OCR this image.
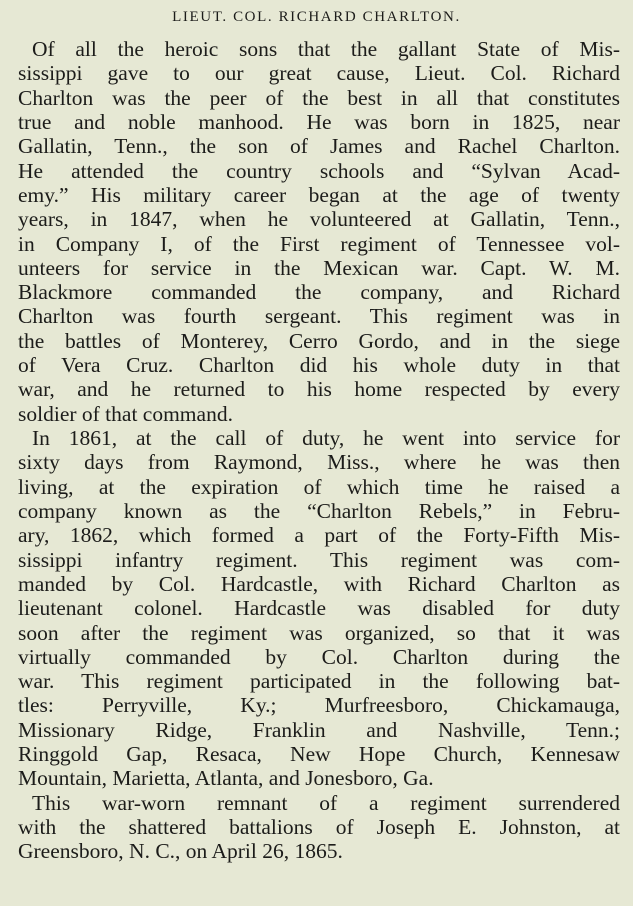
LIEUT. COL. RICHARD CHARLTON.
Of all the heroic sons that the gallant State of Mis-
sissippi gave to our great cause, Lieut. Col. Richard
Charlton was the peer of the best in all that constitutes
true and noble manhood. He was born in 1825, near
Gallatin, Tenn., the son of James and Rachel Charlton.
He attended the country schools and “Sylvan Acad-
emy.” His military career began at the age of twenty
years, in 1847, when he volunteered at Gallatin, Tenn.,
in Company I, of the First regiment of Tennessee vol-
unteers for service in the Mexican war. Capt. W. M.
Blackmore commanded the company, and Richard
Charlton was fourth sergeant. This regiment was in
the battles of Monterey, Cerro Gordo, and in the siege
of Vera Cruz. Charlton did his whole duty in that
war, and he returned to his home respected by every
soldier of that command.
In 1861, at the call of duty, he went into service for
sixty days from Raymond, Miss., where he was then
living, at the expiration of which time he raised a
company known as the “Charlton Rebels,” in Febru-
ary, 1862, which formed a part of the Forty-Fifth Mis-
sissippi infantry regiment. This regiment was com-
manded by Col. Hardcastle, with Richard Charlton as
lieutenant colonel. Hardcastle was disabled for duty
soon after the regiment was organized, so that it was
virtually commanded by Col. Charlton during the
war. This regiment participated in the following bat-
tles: Perryville, Ky.; Murfreesboro, Chickamauga,
Missionary Ridge, Franklin and Nashville, Tenn.;
Ringgold Gap, Resaca, New Hope Church, Kennesaw
Mountain, Marietta, Atlanta, and Jonesboro, Ga.
This war-worn remnant of a regiment surrendered
with the shattered battalions of Joseph E. Johnston, at
Greensboro, N. C., on April 26, 1865.
